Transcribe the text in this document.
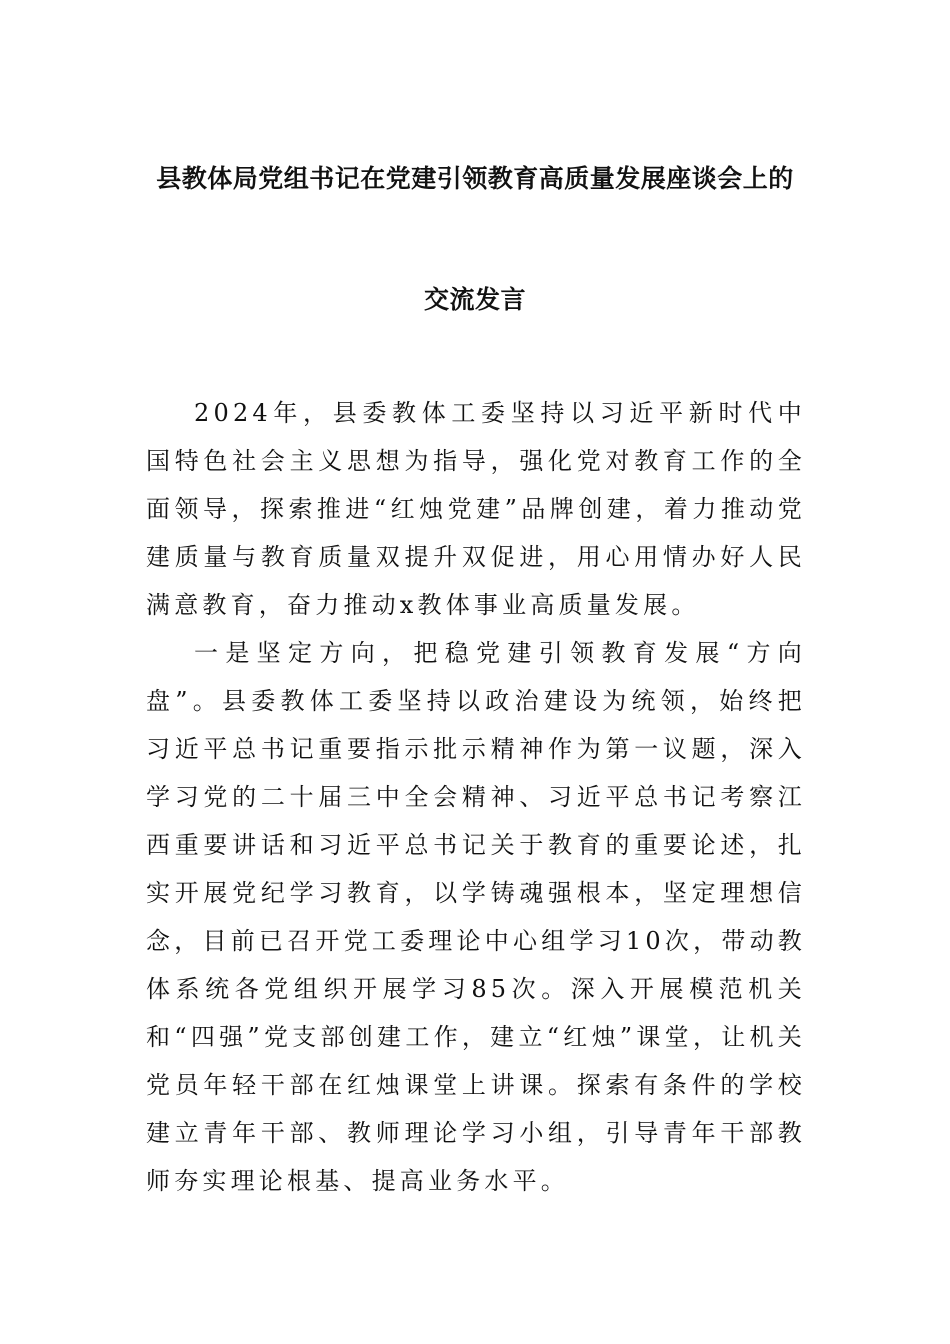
县教体局党组书记在党建引领教育高质量发展座谈会上的
交流发言

2024年，县委教体工委坚持以习近平新时代中国特色社会主义思想为指导，强化党对教育工作的全面领导，探索推进“红烛党建”品牌创建，着力推动党建质量与教育质量双提升双促进，用心用情办好人民满意教育，奋力推动x教体事业高质量发展。

一是坚定方向，把稳党建引领教育发展“方向盘”。县委教体工委坚持以政治建设为统领，始终把习近平总书记重要指示批示精神作为第一议题，深入学习党的二十届三中全会精神、习近平总书记考察江西重要讲话和习近平总书记关于教育的重要论述，扎实开展党纪学习教育，以学铸魂强根本，坚定理想信念，目前已召开党工委理论中心组学习10次，带动教体系统各党组织开展学习85次。深入开展模范机关和“四强”党支部创建工作，建立“红烛”课堂，让机关党员年轻干部在红烛课堂上讲课。探索有条件的学校建立青年干部、教师理论学习小组，引导青年干部教师夯实理论根基、提高业务水平。
